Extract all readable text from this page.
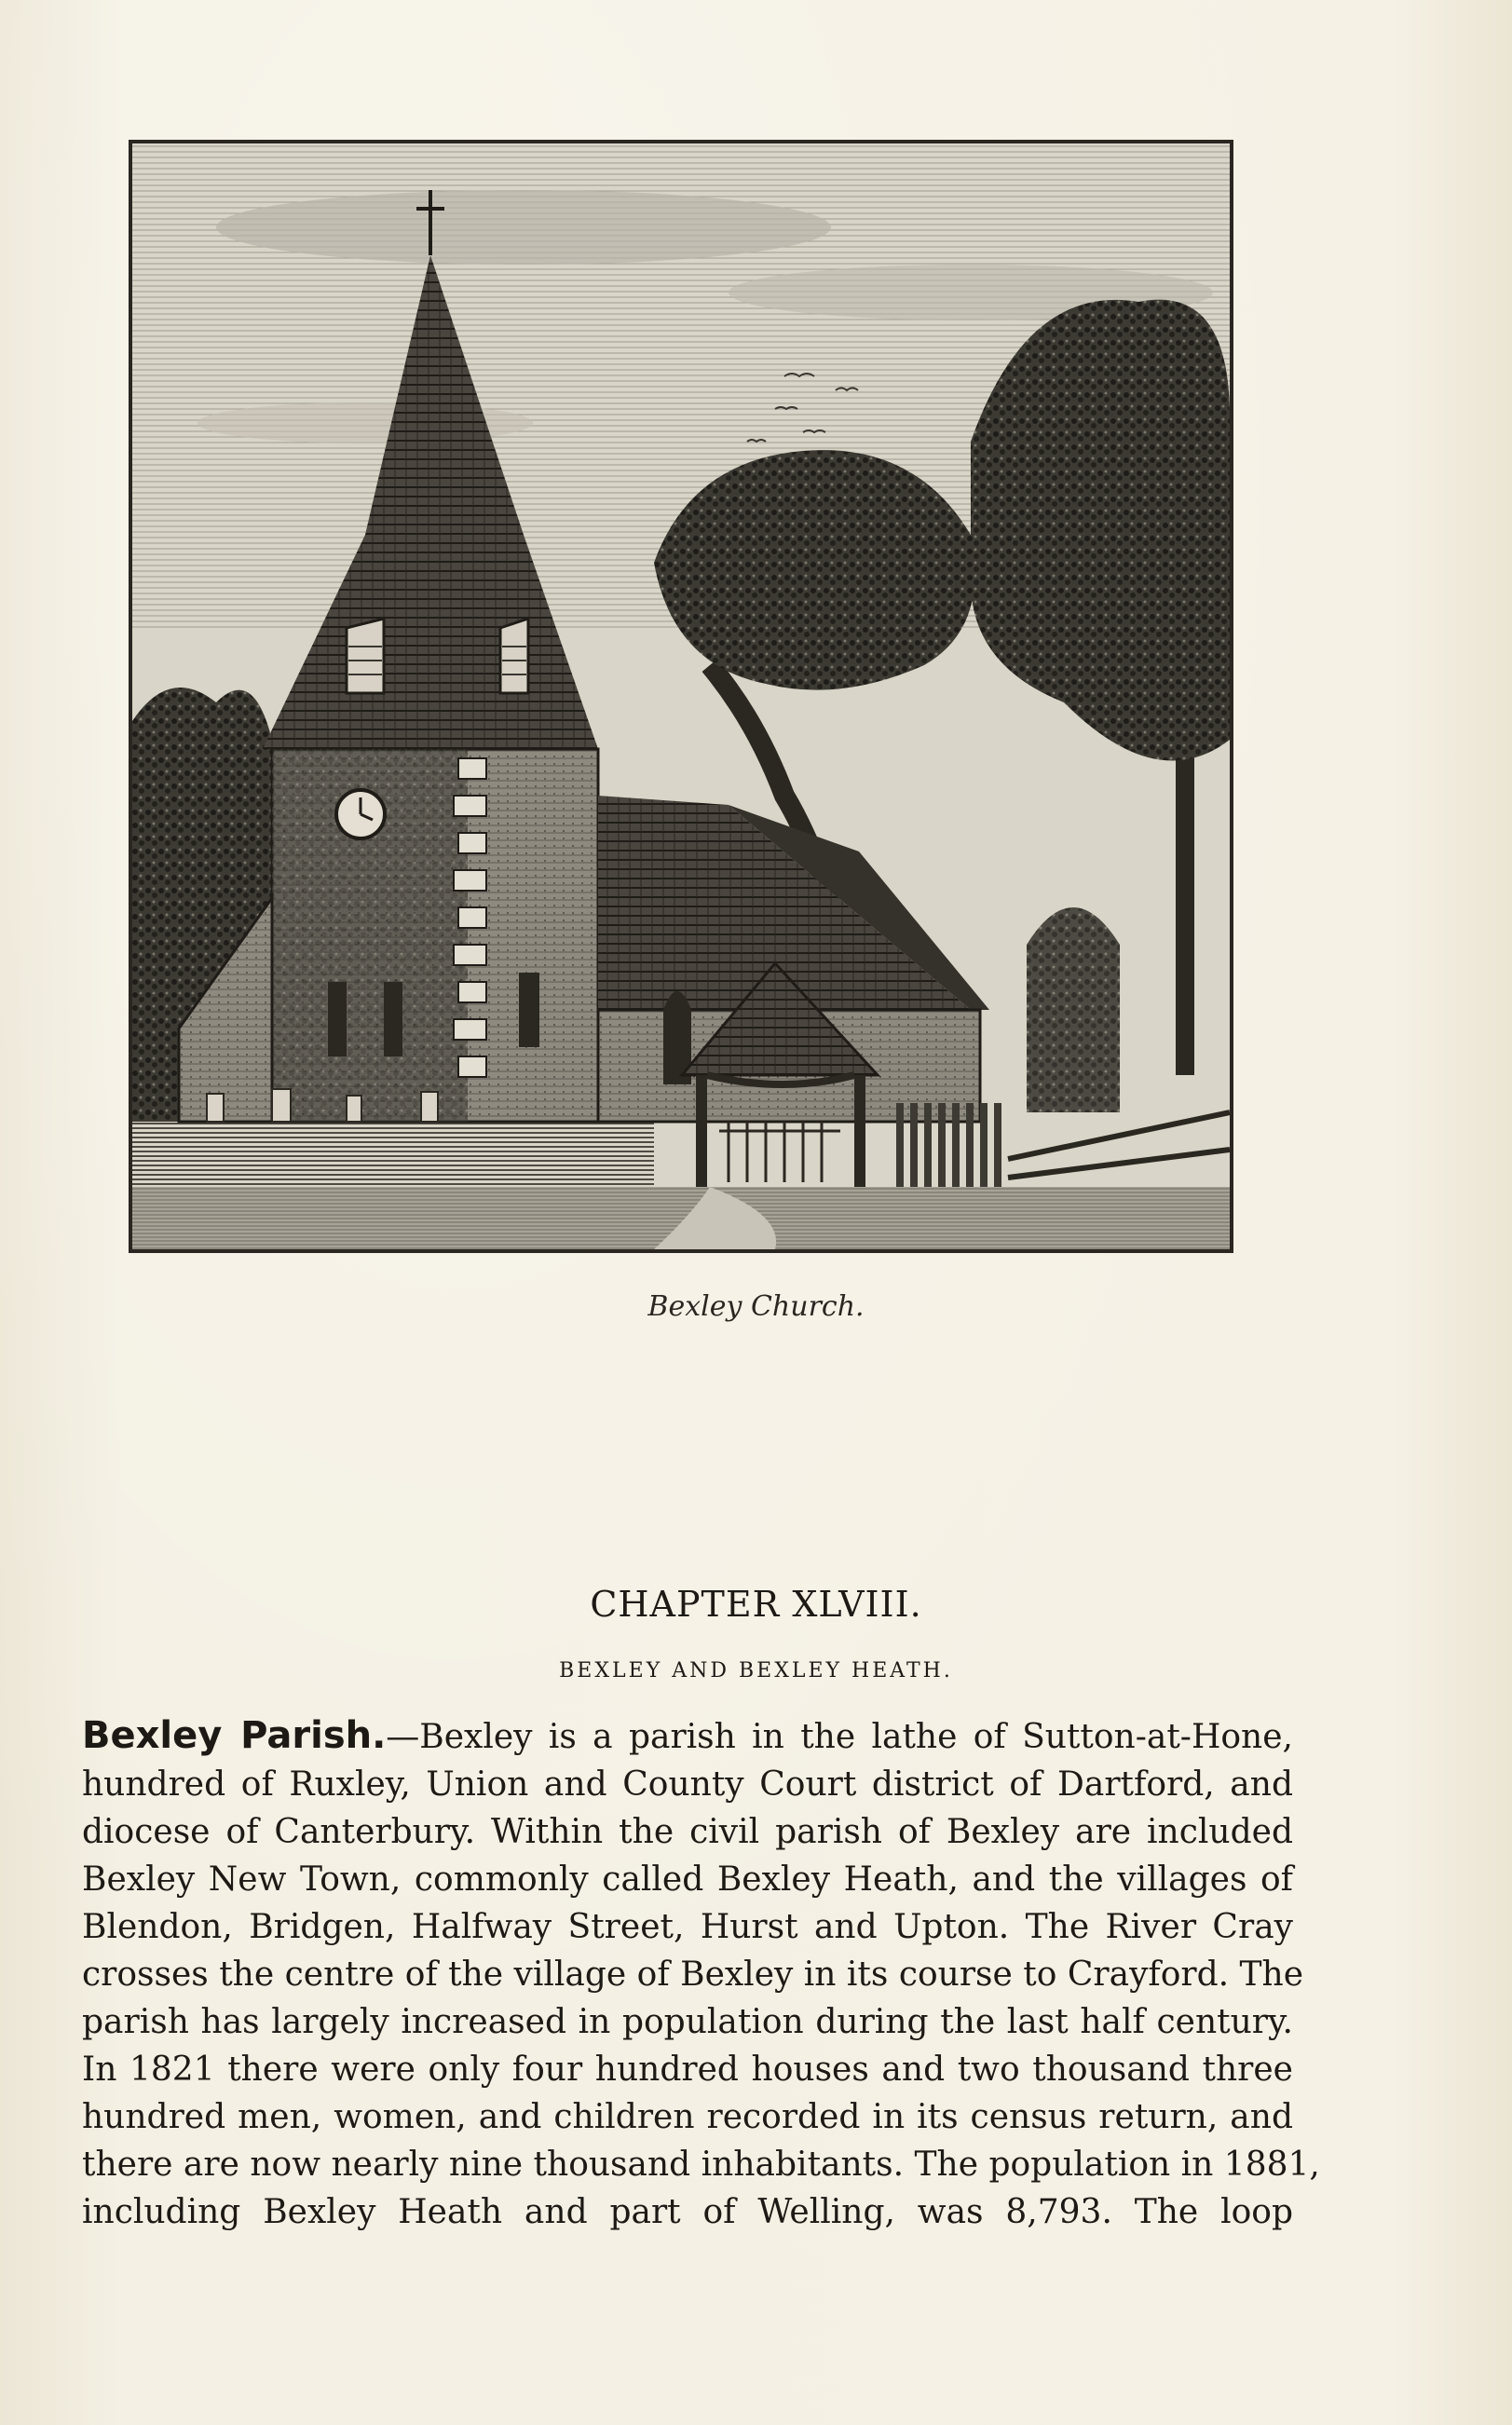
Bexley Church.
CHAPTER XLVIII.
BEXLEY AND BEXLEY HEATH.
Bexley Parish.—Bexley is a parish in the lathe of Sutton-at-Hone,
hundred of Ruxley, Union and County Court district of Dartford, and
diocese of Canterbury. Within the civil parish of Bexley are included
Bexley New Town, commonly called Bexley Heath, and the villages of
Blendon, Bridgen, Halfway Street, Hurst and Upton. The River Cray
crosses the centre of the village of Bexley in its course to Crayford. The
parish has largely increased in population during the last half century.
In 1821 there were only four hundred houses and two thousand three
hundred men, women, and children recorded in its census return, and
there are now nearly nine thousand inhabitants. The population in 1881,
including Bexley Heath and part of Welling, was 8,793. The loop
